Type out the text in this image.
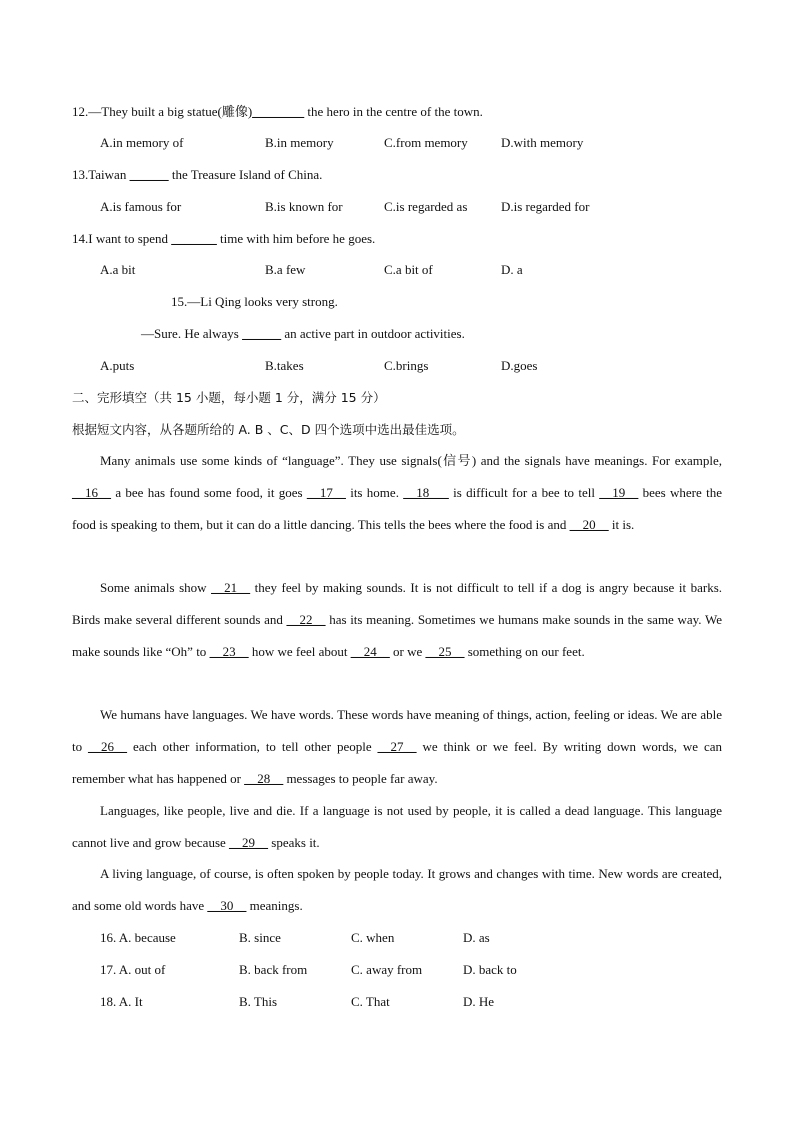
12.—They built a big statue(雕像)________ the hero in the centre of the town.
A.in memory of	B.in memory	C.from memory	D.with memory
13.Taiwan ______ the Treasure Island of China.
A.is famous for	B.is known for	C.is regarded as	D.is regarded for
14.I want to spend _______ time with him before he goes.
A.a bit	B.a few	C.a bit of	D. a
15.—Li Qing looks very strong.
—Sure. He always ______ an active part in outdoor activities.
A.puts	B.takes	C.brings	D.goes
二、完形填空（共 15 小题，每小题 1 分，满分 15 分）
根据短文内容，从各题所给的 A. B 、C、D 四个选项中选出最佳选项。
Many animals use some kinds of “language”. They use signals(信号) and the signals have meanings. For example, __16__ a bee has found some food, it goes __17__ its home. __18___ is difficult for a bee to tell __19__ bees where the food is speaking to them, but it can do a little dancing. This tells the bees where the food is and __20__ it is.
Some animals show __21__ they feel by making sounds. It is not difficult to tell if a dog is angry because it barks. Birds make several different sounds and __22__ has its meaning. Sometimes we humans make sounds in the same way. We make sounds like “Oh” to __23__ how we feel about __24__ or we __25__ something on our feet.
We humans have languages. We have words. These words have meaning of things, action, feeling or ideas. We are able to __26__ each other information, to tell other people __27__ we think or we feel. By writing down words, we can remember what has happened or __28__ messages to people far away.
Languages, like people, live and die. If a language is not used by people, it is called a dead language. This language cannot live and grow because __29__ speaks it.
A living language, of course, is often spoken by people today. It grows and changes with time. New words are created, and some old words have __30__ meanings.
16. A. because	B. since	C. when	D. as
17. A. out of	B. back from	C. away from	D. back to
18. A. It	B. This	C. That	D. He
